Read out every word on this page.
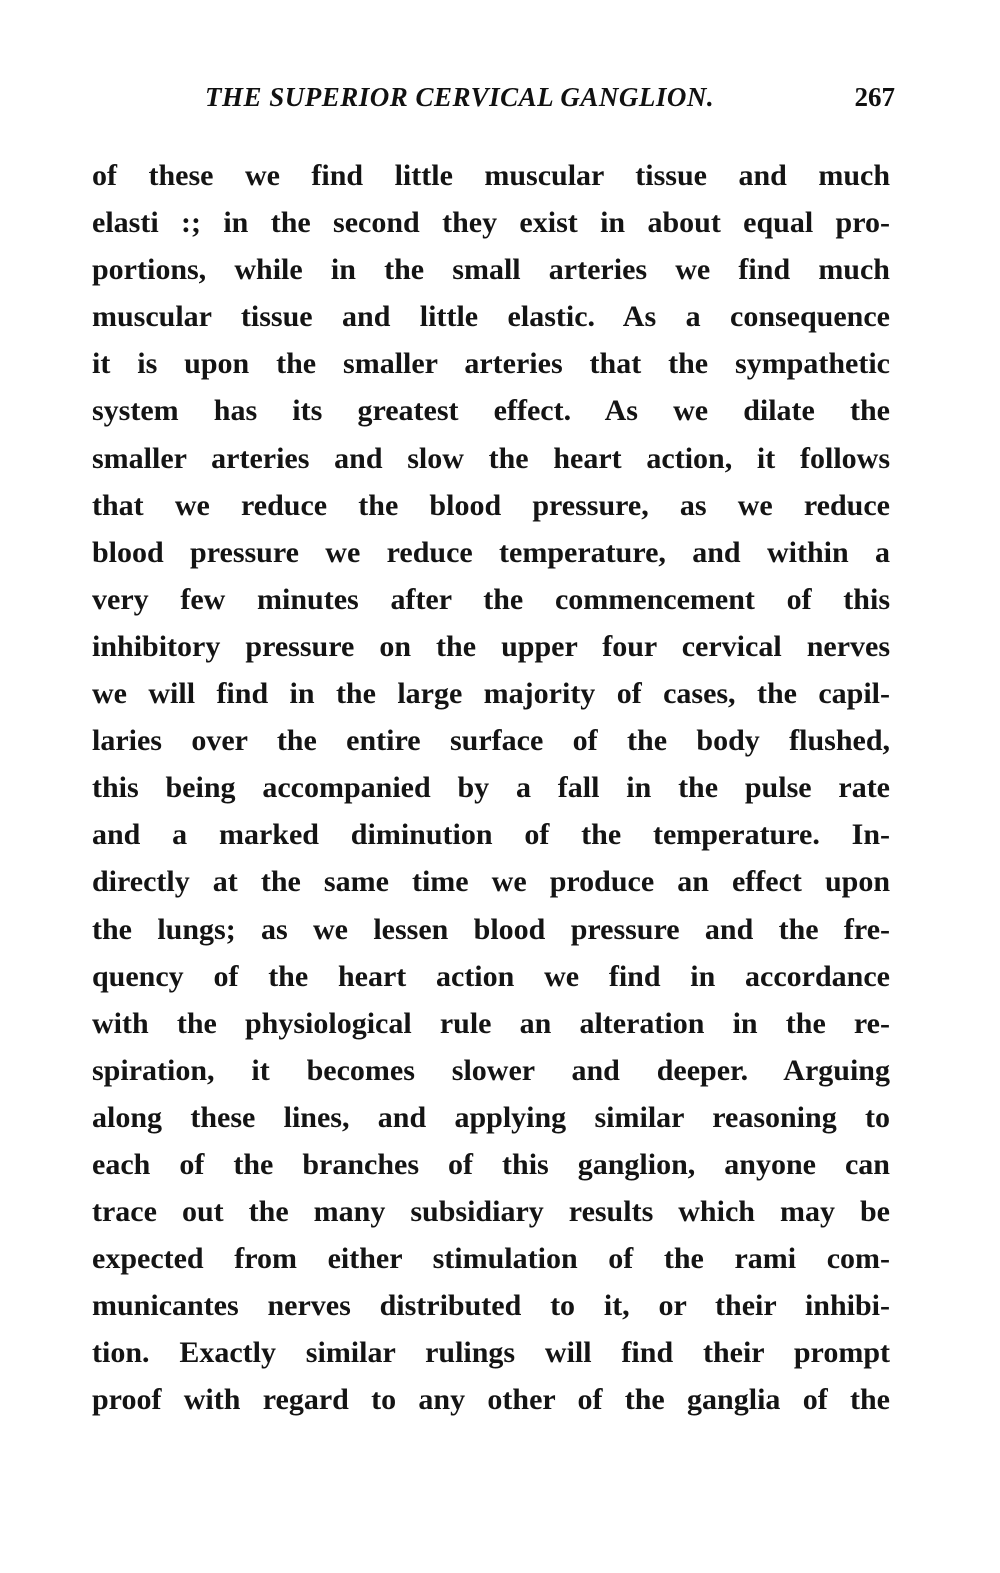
THE SUPERIOR CERVICAL GANGLION.	267
of these we find little muscular tissue and much
elasti :; in the second they exist in about equal pro-
portions, while in the small arteries we find much
muscular tissue and little elastic. As a consequence
it is upon the smaller arteries that the sympathetic
system has its greatest effect. As we dilate the
smaller arteries and slow the heart action, it follows
that we reduce the blood pressure, as we reduce
blood pressure we reduce temperature, and within a
very few minutes after the commencement of this
inhibitory pressure on the upper four cervical nerves
we will find in the large majority of cases, the capil-
laries over the entire surface of the body flushed,
this being accompanied by a fall in the pulse rate
and a marked diminution of the temperature. In-
directly at the same time we produce an effect upon
the lungs; as we lessen blood pressure and the fre-
quency of the heart action we find in accordance
with the physiological rule an alteration in the re-
spiration, it becomes slower and deeper. Arguing
along these lines, and applying similar reasoning to
each of the branches of this ganglion, anyone can
trace out the many subsidiary results which may be
expected from either stimulation of the rami com-
municantes nerves distributed to it, or their inhibi-
tion. Exactly similar rulings will find their prompt
proof with regard to any other of the ganglia of the
